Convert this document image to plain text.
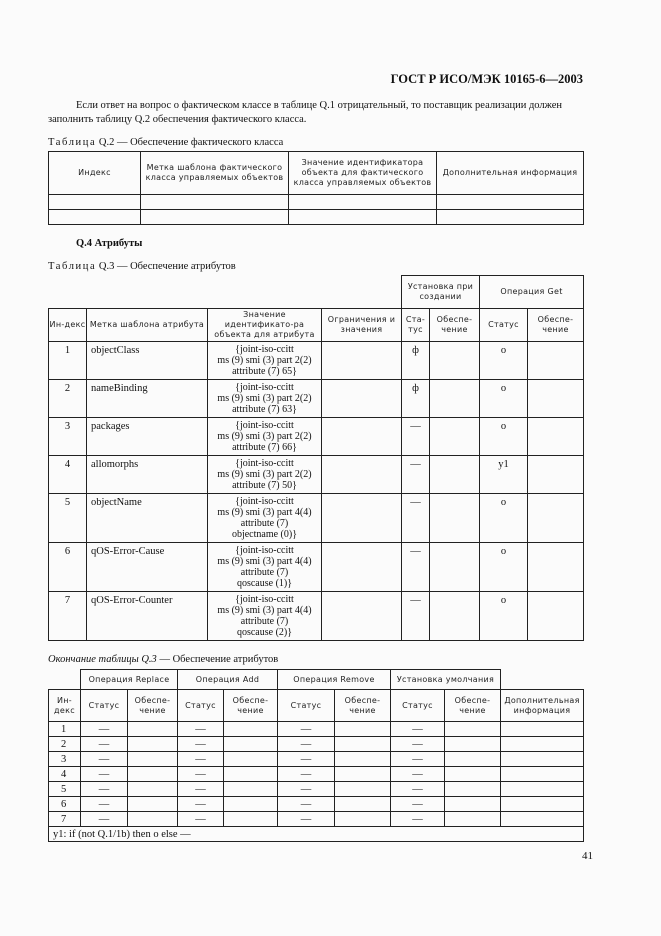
ГОСТ Р ИСО/МЭК 10165-6—2003
Если ответ на вопрос о фактическом классе в таблице Q.1 отрицательный, то поставщик реализации должен заполнить таблицу Q.2 обеспечения фактического класса.
Таблица Q.2 — Обеспечение фактического класса
Индекс	Метка шаблона фактического класса управляемых объектов	Значение идентификатора объекта для фактического класса управляемых объектов	Дополнительная информация

Q.4 Атрибуты
Таблица Q.3 — Обеспечение атрибутов
				Установка при создании		Операция Get	
Ин-декс	Метка шаблона атрибута	Значение идентификато-ра объекта для атрибута	Ограничения и значения	Ста-тус	Обеспе-чение	Статус	Обеспе-чение
1	objectClass	{joint-iso-ccitt
ms (9) smi (3) part 2(2)
attribute (7) 65}		ф		o	
2	nameBinding	{joint-iso-ccitt
ms (9) smi (3) part 2(2)
attribute (7) 63}		ф		o	
3	packages	{joint-iso-ccitt
ms (9) smi (3) part 2(2)
attribute (7) 66}		—		o	
4	allomorphs	{joint-iso-ccitt
ms (9) smi (3) part 2(2)
attribute (7) 50}		—		y1	
5	objectName	{joint-iso-ccitt
ms (9) smi (3) part 4(4)
attribute (7)
objectname (0)}		—		o	
6	qOS-Error-Cause	{joint-iso-ccitt
ms (9) smi (3) part 4(4)
attribute (7)
qoscause (1)}		—		o	
7	qOS-Error-Counter	{joint-iso-ccitt
ms (9) smi (3) part 4(4)
attribute (7)
qoscause (2)}		—		o	
Окончание таблицы Q.3 — Обеспечение атрибутов
	Операция Replace		Операция Add		Операция Remove		Установка умолчания		
Ин-декс	Статус	Обеспе-чение	Статус	Обеспе-чение	Статус	Обеспе-чение	Статус	Обеспе-чение	Дополнительная информация
1	—		—		—		—		
2	—		—		—		—		
3	—		—		—		—		
4	—		—		—		—		
5	—		—		—		—		
6	—		—		—		—		
7	—		—		—		—		
y1: if (not Q.1/1b) then o else —									
41
